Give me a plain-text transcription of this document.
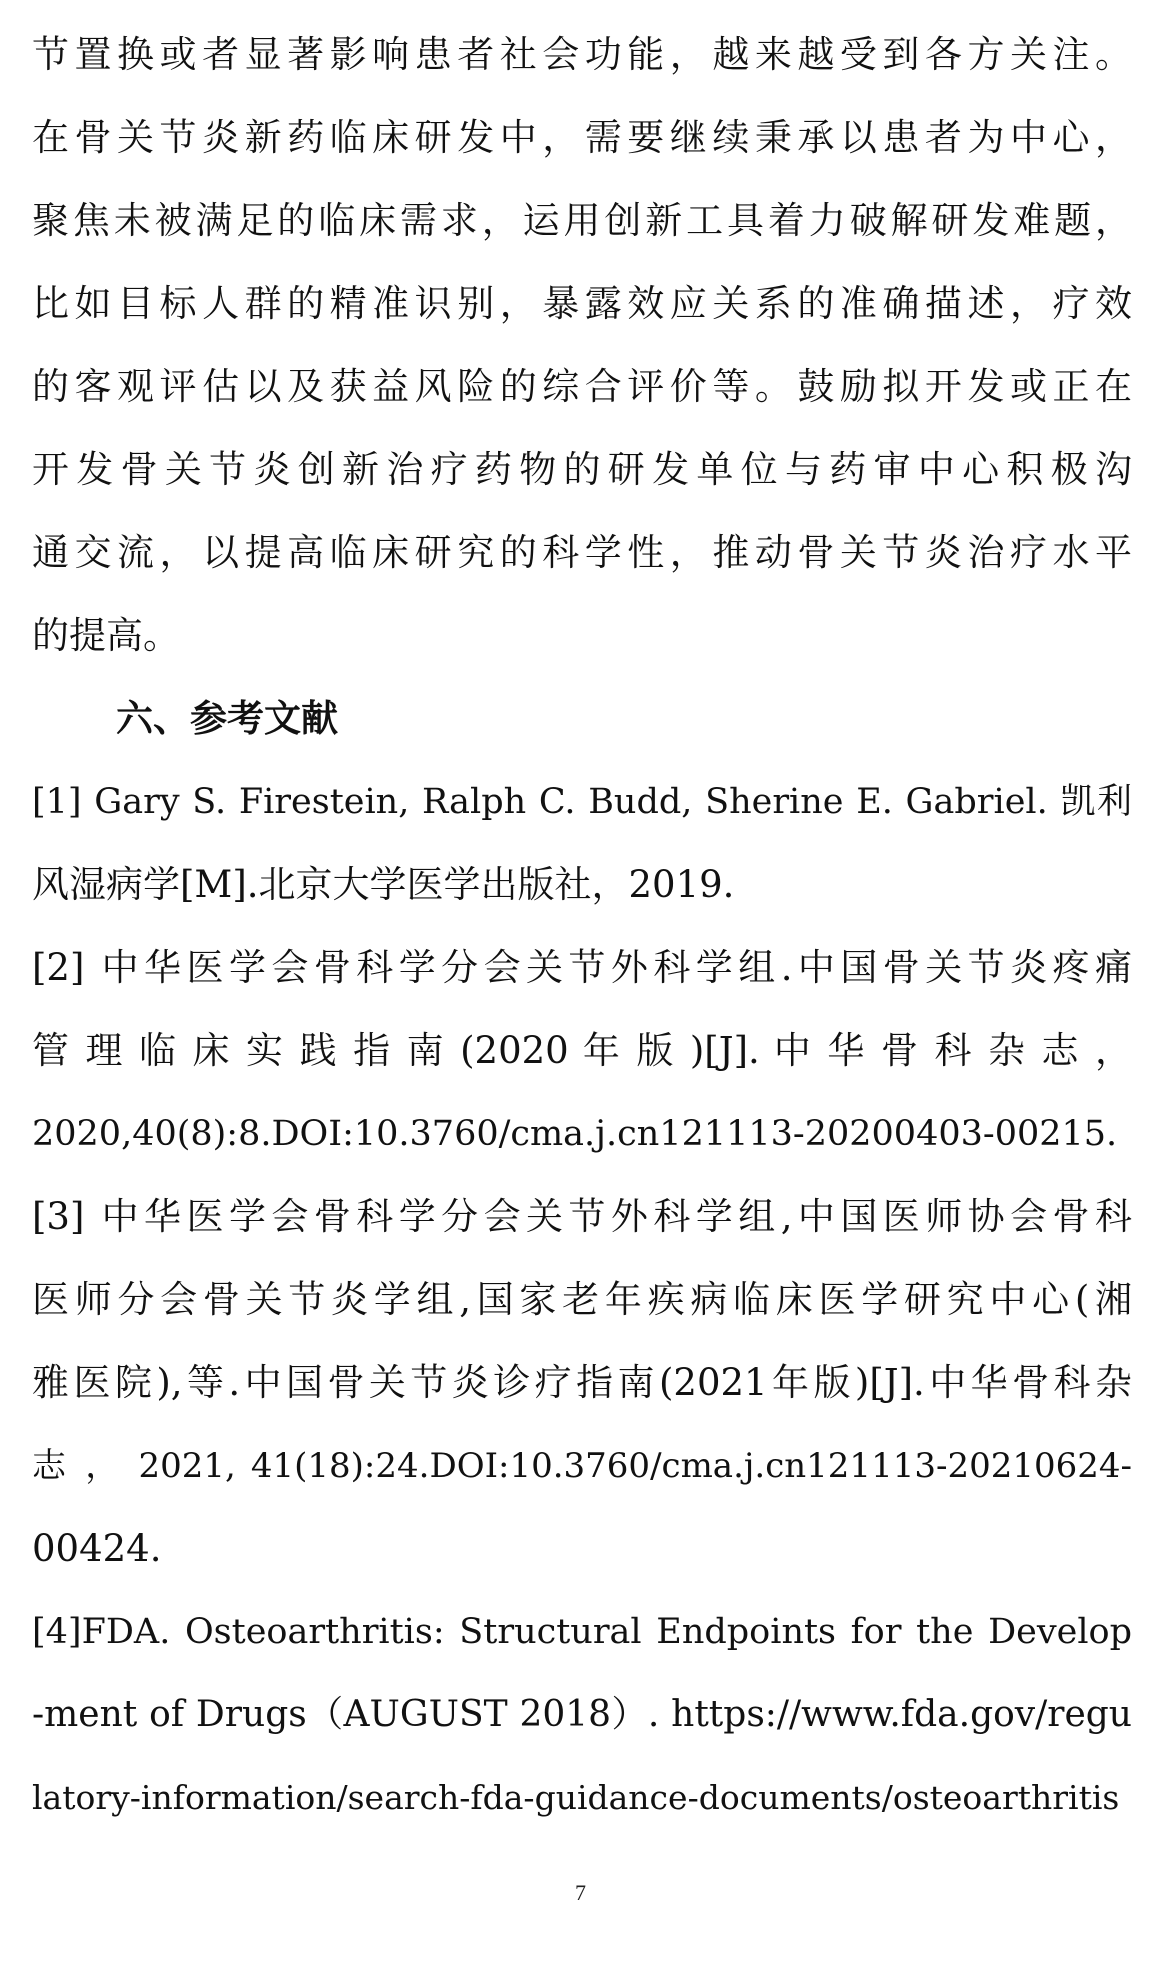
节置换或者显著影响患者社会功能，越来越受到各方关注。
在骨关节炎新药临床研发中，需要继续秉承以患者为中心，
聚焦未被满足的临床需求，运用创新工具着力破解研发难题，
比如目标人群的精准识别，暴露效应关系的准确描述，疗效
的客观评估以及获益风险的综合评价等。鼓励拟开发或正在
开发骨关节炎创新治疗药物的研发单位与药审中心积极沟
通交流，以提高临床研究的科学性，推动骨关节炎治疗水平
的提高。
六、参考文献
[1] Gary S. Firestein, Ralph C. Budd, Sherine E. Gabriel. 凯利
风湿病学[M].北京大学医学出版社，2019.
[2] 中华医学会骨科学分会关节外科学组.中国骨关节炎疼痛
管 理 临 床 实 践 指 南 (2020 年 版 )[J]. 中 华 骨 科 杂 志 ，
2020,40(8):8.DOI:10.3760/cma.j.cn121113-20200403-00215.
[3] 中华医学会骨科学分会关节外科学组,中国医师协会骨科
医师分会骨关节炎学组,国家老年疾病临床医学研究中心(湘
雅医院),等.中国骨关节炎诊疗指南(2021年版)[J].中华骨科杂
志 ， 2021, 41(18):24.DOI:10.3760/cma.j.cn121113-20210624-
00424.
[4]FDA. Osteoarthritis: Structural Endpoints for the Develop
-ment of Drugs（AUGUST 2018）. https://www.fda.gov/regu
latory-information/search-fda-guidance-documents/osteoarthritis
7
